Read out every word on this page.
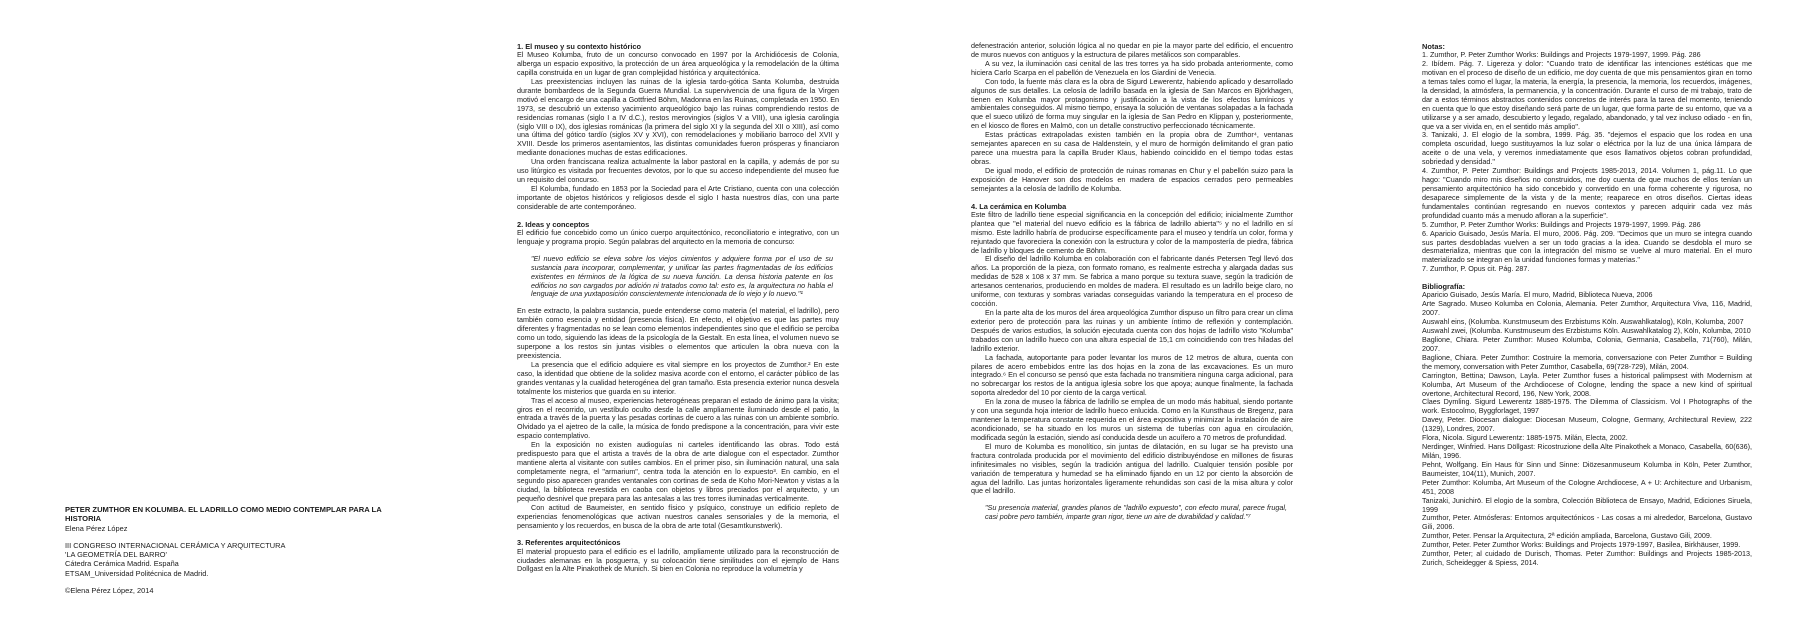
PETER ZUMTHOR EN KOLUMBA. EL LADRILLO COMO MEDIO CONTEMPLAR PARA LA HISTORIA
Elena Pérez López
III CONGRESO INTERNACIONAL CERÁMICA Y ARQUITECTURA
'LA GEOMETRÍA DEL BARRO'
Cátedra Cerámica Madrid. España
ETSAM_Universidad Politécnica de Madrid.
©Elena Pérez López, 2014
1. El museo y su contexto histórico

El Museo Kolumba, fruto de un concurso convocado en 1997 por la Archidiócesis de Colonia, alberga un espacio expositivo, la protección de un área arqueológica y la remodelación de la última capilla construida en un lugar de gran complejidad histórica y arquitectónica.

Las preexistencias incluyen las ruinas de la iglesia tardo-gótica Santa Kolumba, destruida durante bombardeos de la Segunda Guerra Mundial. La supervivencia de una figura de la Virgen motivó el encargo de una capilla a Gottfried Böhm, Madonna en las Ruinas, completada en 1950. En 1973, se descubrió un extenso yacimiento arqueológico bajo las ruinas comprendiendo restos de residencias romanas (siglo I a IV d.C.), restos merovingios (siglos V a VIII), una iglesia carolingia (siglo VIII o IX), dos iglesias románicas (la primera del siglo XI y la segunda del XII o XIII), así como una última del gótico tardío (siglos XV y XVI), con remodelaciones y mobiliario barroco del XVII y XVIII. Desde los primeros asentamientos, las distintas comunidades fueron prósperas y financiaron mediante donaciones muchas de estas edificaciones.

Una orden franciscana realiza actualmente la labor pastoral en la capilla, y además de por su uso litúrgico es visitada por frecuentes devotos, por lo que su acceso independiente del museo fue un requisito del concurso.

El Kolumba, fundado en 1853 por la Sociedad para el Arte Cristiano, cuenta con una colección importante de objetos históricos y religiosos desde el siglo I hasta nuestros días, con una parte considerable de arte contemporáneo.

2. Ideas y conceptos

El edificio fue concebido como un único cuerpo arquitectónico, reconciliatorio e integrativo, con un lenguaje y programa propio. Según palabras del arquitecto en la memoria de concurso:

"El nuevo edificio se eleva sobre los viejos cimientos y adquiere forma por el uso de su sustancia para incorporar, complementar, y unificar las partes fragmentadas de los edificios existentes en términos de la lógica de su nueva función. La densa historia patente en los edificios no son cargados por adición ni tratados como tal: esto es, la arquitectura no habla el lenguaje de una yuxtaposición conscientemente intencionada de lo viejo y lo nuevo."¹

En este extracto, la palabra sustancia, puede entenderse como materia (el material, el ladrillo), pero también como esencia y entidad (presencia física). En efecto, el objetivo es que las partes muy diferentes y fragmentadas no se lean como elementos independientes sino que el edificio se perciba como un todo, siguiendo las ideas de la psicología de la Gestalt. En esta línea, el volumen nuevo se superpone a los restos sin juntas visibles o elementos que articulen la obra nueva con la preexistencia.

La presencia que el edificio adquiere es vital siempre en los proyectos de Zumthor.² En este caso, la identidad que obtiene de la solidez masiva acorde con el entorno, el carácter público de las grandes ventanas y la cualidad heterogénea del gran tamaño. Esta presencia exterior nunca desvela totalmente los misterios que guarda en su interior.

Tras el acceso al museo, experiencias heterogéneas preparan el estado de ánimo para la visita; giros en el recorrido, un vestíbulo oculto desde la calle ampliamente iluminado desde el patio, la entrada a través de la puerta y las pesadas cortinas de cuero a las ruinas con un ambiente sombrío. Olvidado ya el ajetreo de la calle, la música de fondo predispone a la concentración, para vivir este espacio contemplativo.

En la exposición no existen audioguías ni carteles identificando las obras. Todo está predispuesto para que el artista a través de la obra de arte dialogue con el espectador. Zumthor mantiene alerta al visitante con sutiles cambios. En el primer piso, sin iluminación natural, una sala completamente negra, el "armarium", centra toda la atención en lo expuesto³. En cambio, en el segundo piso aparecen grandes ventanales con cortinas de seda de Koho Mori-Newton y vistas a la ciudad, la biblioteca revestida en caoba con objetos y libros preciados por el arquitecto, y un pequeño desnivel que prepara para las antesalas a las tres torres iluminadas verticalmente.

Con actitud de Baumeister, en sentido físico y psíquico, construye un edificio repleto de experiencias fenomenológicas que activan nuestros canales sensoriales y de la memoria, el pensamiento y los recuerdos, en busca de la obra de arte total (Gesamtkunstwerk).

3. Referentes arquitectónicos

El material propuesto para el edificio es el ladrillo, ampliamente utilizado para la reconstrucción de ciudades alemanas en la posguerra, y su colocación tiene similitudes con el ejemplo de Hans Dollgast en la Alte Pinakothek de Munich. Si bien en Colonia no reproduce la volumetría y

defenestración anterior, solución lógica al no quedar en pie la mayor parte del edificio, el encuentro de muros nuevos con antiguos y la estructura de pilares metálicos son comparables.

A su vez, la iluminación casi cenital de las tres torres ya ha sido probada anteriormente, como hiciera Carlo Scarpa en el pabellón de Venezuela en los Giardini de Venecia.

Con todo, la fuente más clara es la obra de Sigurd Lewerentz, habiendo aplicado y desarrollado algunos de sus detalles. La celosía de ladrillo basada en la iglesia de San Marcos en Björkhagen, tienen en Kolumba mayor protagonismo y justificación a la vista de los efectos lumínicos y ambientales conseguidos. Al mismo tiempo, ensaya la solución de ventanas solapadas a la fachada que el sueco utilizó de forma muy singular en la iglesia de San Pedro en Klippan y, posteriormente, en el kiosco de flores en Malmö, con un detalle constructivo perfeccionado técnicamente.

Estas prácticas extrapoladas existen también en la propia obra de Zumthor⁴, ventanas semejantes aparecen en su casa de Haldenstein, y el muro de hormigón delimitando el gran patio parece una muestra para la capilla Bruder Klaus, habiendo coincidido en el tiempo todas estas obras.

De igual modo, el edificio de protección de ruinas romanas en Chur y el pabellón suizo para la exposición de Hanover son dos modelos en madera de espacios cerrados pero permeables semejantes a la celosía de ladrillo de Kolumba.

4. La cerámica en Kolumba

Este filtro de ladrillo tiene especial significancia en la concepción del edificio; inicialmente Zumthor plantea que "el material del nuevo edificio es la fábrica de ladrillo abierta"⁵ y no el ladrillo en sí mismo. Este ladrillo habría de producirse específicamente para el museo y tendría un color, forma y rejuntado que favoreciera la conexión con la estructura y color de la mampostería de piedra, fábrica de ladrillo y bloques de cemento de Böhm.

El diseño del ladrillo Kolumba en colaboración con el fabricante danés Petersen Tegl llevó dos años. La proporción de la pieza, con formato romano, es realmente estrecha y alargada dadas sus medidas de 528 x 108 x 37 mm. Se fabrica a mano porque su textura suave, según la tradición de artesanos centenarios, produciendo en moldes de madera. El resultado es un ladrillo beige claro, no uniforme, con texturas y sombras variadas conseguidas variando la temperatura en el proceso de cocción.

En la parte alta de los muros del área arqueológica Zumthor dispuso un filtro para crear un clima exterior pero de protección para las ruinas y un ambiente íntimo de reflexión y contemplación. Después de varios estudios, la solución ejecutada cuenta con dos hojas de ladrillo visto "Kolumba" trabados con un ladrillo hueco con una altura especial de 15,1 cm coincidiendo con tres hiladas del ladrillo exterior.

La fachada, autoportante para poder levantar los muros de 12 metros de altura, cuenta con pilares de acero embebidos entre las dos hojas en la zona de las excavaciones. Es un muro integrado.⁶ En el concurso se pensó que esta fachada no transmitiera ninguna carga adicional, para no sobrecargar los restos de la antigua iglesia sobre los que apoya; aunque finalmente, la fachada soporta alrededor del 10 por ciento de la carga vertical.

En la zona de museo la fábrica de ladrillo se emplea de un modo más habitual, siendo portante y con una segunda hoja interior de ladrillo hueco enlucida. Como en la Kunsthaus de Bregenz, para mantener la temperatura constante requerida en el área expositiva y minimizar la instalación de aire acondicionado, se ha situado en los muros un sistema de tuberías con agua en circulación, modificada según la estación, siendo así conducida desde un acuífero a 70 metros de profundidad.

El muro de Kolumba es monolítico, sin juntas de dilatación, en su lugar se ha previsto una fractura controlada producida por el movimiento del edificio distribuyéndose en millones de fisuras infinitesimales no visibles, según la tradición antigua del ladrillo. Cualquier tensión posible por variación de temperatura y humedad se ha eliminado fijando en un 12 por ciento la absorción de agua del ladrillo. Las juntas horizontales ligeramente rehundidas son casi de la misa altura y color que el ladrillo.

"Su presencia material, grandes planos de "ladrillo expuesto", con efecto mural, parece frugal, casi pobre pero también, imparte gran rigor, tiene un aire de durabilidad y calidad."⁷

Notas:

1. Zumthor, P. Peter Zumthor Works: Buildings and Projects 1979-1997, 1999. Pág. 286

2. Ibídem. Pág. 7. Ligereza y dolor: "Cuando trato de identificar las intenciones estéticas que me motivan en el proceso de diseño de un edificio, me doy cuenta de que mis pensamientos giran en torno a temas tales como el lugar, la materia, la energía, la presencia, la memoria, los recuerdos, imágenes, la densidad, la atmósfera, la permanencia, y la concentración. Durante el curso de mi trabajo, trato de dar a estos términos abstractos contenidos concretos de interés para la tarea del momento, teniendo en cuenta que lo que estoy diseñando será parte de un lugar, que forma parte de su entorno, que va a utilizarse y a ser amado, descubierto y legado, regalado, abandonado, y tal vez incluso odiado - en fin, que va a ser vivida en, en el sentido más amplio".

3. Tanizaki, J. El elogio de la sombra, 1999. Pág. 35. "dejemos el espacio que los rodea en una completa oscuridad, luego sustituyamos la luz solar o eléctrica por la luz de una única lámpara de aceite o de una vela, y veremos inmediatamente que esos llamativos objetos cobran profundidad, sobriedad y densidad."

4. Zumthor, P. Peter Zumthor: Buildings and Projects 1985-2013, 2014. Volumen 1, pág.11. Lo que hago: "Cuando miro mis diseños no construidos, me doy cuenta de que muchos de ellos tenían un pensamiento arquitectónico ha sido concebido y convertido en una forma coherente y rigurosa, no desaparece simplemente de la vista y de la mente; reaparece en otros diseños. Ciertas ideas fundamentales continúan regresando en nuevos contextos y parecen adquirir cada vez más profundidad cuanto más a menudo afloran a la superficie".

5. Zumthor, P. Peter Zumthor Works: Buildings and Projects 1979-1997, 1999. Pág. 286

6. Aparicio Guisado, Jesús María. El muro, 2006. Pág. 209. "Decimos que un muro se integra cuando sus partes desdobladas vuelven a ser un todo gracias a la idea. Cuando se desdobla el muro se desmaterializa, mientras que con la integración del mismo se vuelve al muro material. En el muro materializado se integran en la unidad funciones formas y materias."

7. Zumthor, P. Opus cit. Pág. 287.

Bibliografía:

Aparicio Guisado, Jesús María. El muro, Madrid, Biblioteca Nueva, 2006

Arte Sagrado. Museo Kolumba en Colonia, Alemania. Peter Zumthor, Arquitectura Viva, 116, Madrid, 2007.

Auswahl eins, (Kolumba. Kunstmuseum des Erzbistums Köln. Auswahlkatalog), Köln, Kolumba, 2007

Auswahl zwei, (Kolumba. Kunstmuseum des Erzbistums Köln. Auswahlkatalog 2), Köln, Kolumba, 2010

Baglione, Chiara. Peter Zumthor: Museo Kolumba, Colonia, Germania, Casabella, 71(760), Milán, 2007.

Baglione, Chiara. Peter Zumthor: Costruire la memoria, conversazione con Peter Zumthor = Building the memory, conversation with Peter Zumthor, Casabella, 69(728-729), Milán, 2004.

Carrington, Bettina; Dawson, Layla. Peter Zumthor fuses a historical palimpsest with Modernism at Kolumba, Art Museum of the Archdiocese of Cologne, lending the space a new kind of spiritual overtone, Architectural Record, 196, New York, 2008.

Claes Dymling. Sigurd Lewerentz 1885-1975. The Dilemma of Classicism. Vol I Photographs of the work. Estocolmo, Byggforlaget, 1997

Davey, Peter. Diocesan dialogue: Diocesan Museum, Cologne, Germany, Architectural Review, 222 (1329), Londres, 2007.

Flora, Nicola. Sigurd Lewerentz: 1885-1975. Milán, Electa, 2002.

Nerdinger, Winfried. Hans Döllgast: Ricostruzione della Alte Pinakothek a Monaco, Casabella, 60(636), Milán, 1996.

Pehnt, Wolfgang. Ein Haus für Sinn und Sinne: Diözesanmuseum Kolumba in Köln, Peter Zumthor, Baumeister, 104(11), Munich, 2007.

Peter Zumthor: Kolumba, Art Museum of the Cologne Archdiocese, A + U: Architecture and Urbanism, 451, 2008

Tanizaki, Junichirō. El elogio de la sombra, Colección Biblioteca de Ensayo, Madrid, Ediciones Siruela, 1999

Zumthor, Peter. Atmósferas: Entornos arquitectónicos - Las cosas a mi alrededor, Barcelona, Gustavo Gili, 2006.

Zumthor, Peter. Pensar la Arquitectura, 2ª edición ampliada, Barcelona, Gustavo Gili, 2009.

Zumthor, Peter. Peter Zumthor Works: Buildings and Projects 1979-1997, Basilea, Birkhäuser, 1999.

Zumthor, Peter; al cuidado de Durisch, Thomas. Peter Zumthor: Buildings and Projects 1985-2013, Zurich, Scheidegger & Spiess, 2014.
